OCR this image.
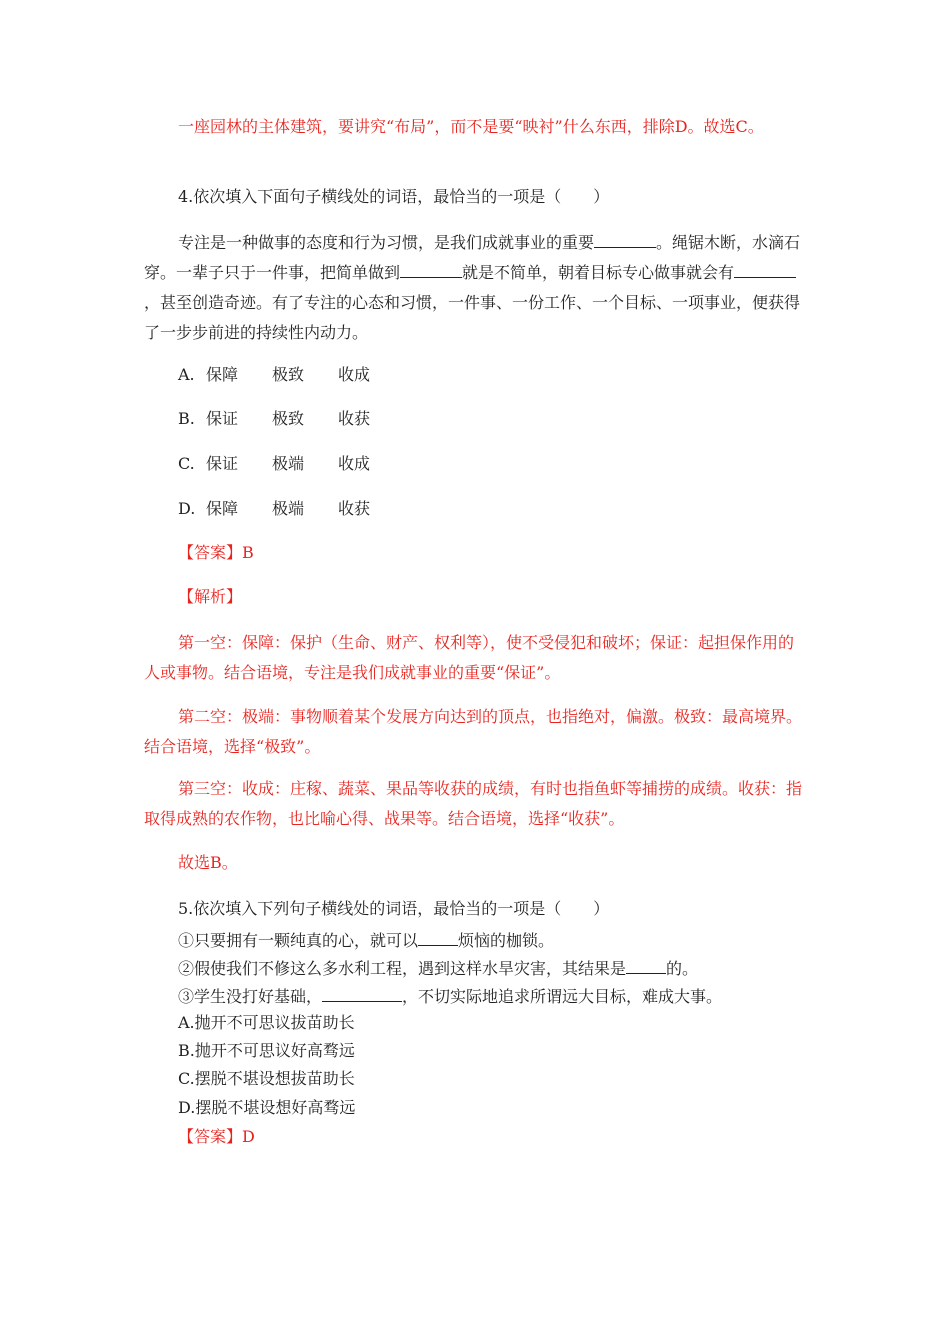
一座园林的主体建筑，要讲究“布局”，而不是要“映衬”什么东西，排除D。故选C。

4.依次填入下面句子横线处的词语，最恰当的一项是（　　）

专注是一种做事的态度和行为习惯，是我们成就事业的重要	。绳锯木断，水滴石穿。一辈子只于一件事，把简单做到	就是不简单，朝着目标专心做事就会有，甚至创造奇迹。有了专注的心态和习惯，一件事、一份工作、一个目标、一项事业，便获得了一步步前进的持续性内动力。

A. 保障 极致 收成
B. 保证 极致 收获
C. 保证 极端 收成
D. 保障 极端 收获
【答案】B
【解析】

第一空：保障：保护（生命、财产、权利等），使不受侵犯和破坏；保证：起担保作用的人或事物。结合语境，专注是我们成就事业的重要“保证”。

第二空：极端：事物顺着某个发展方向达到的顶点，也指绝对，偏激。极致：最高境界。结合语境，选择“极致”。

第三空：收成：庄稼、蔬菜、果品等收获的成绩，有时也指鱼虾等捕捞的成绩。收获：指取得成熟的农作物，也比喻心得、战果等。结合语境，选择“收获”。

故选B。
5.依次填入下列句子横线处的词语，最恰当的一项是（　　）
①只要拥有一颗纯真的心，就可以	烦恼的枷锁。
②假使我们不修这么多水利工程，遇到这样水旱灾害，其结果是	的。
③学生没打好基础，	，不切实际地追求所谓远大目标，难成大事。
A.抛开不可思议拔苗助长
B.抛开不可思议好高骛远
C.摆脱不堪设想拔苗助长
D.摆脱不堪设想好高骛远
【答案】D
